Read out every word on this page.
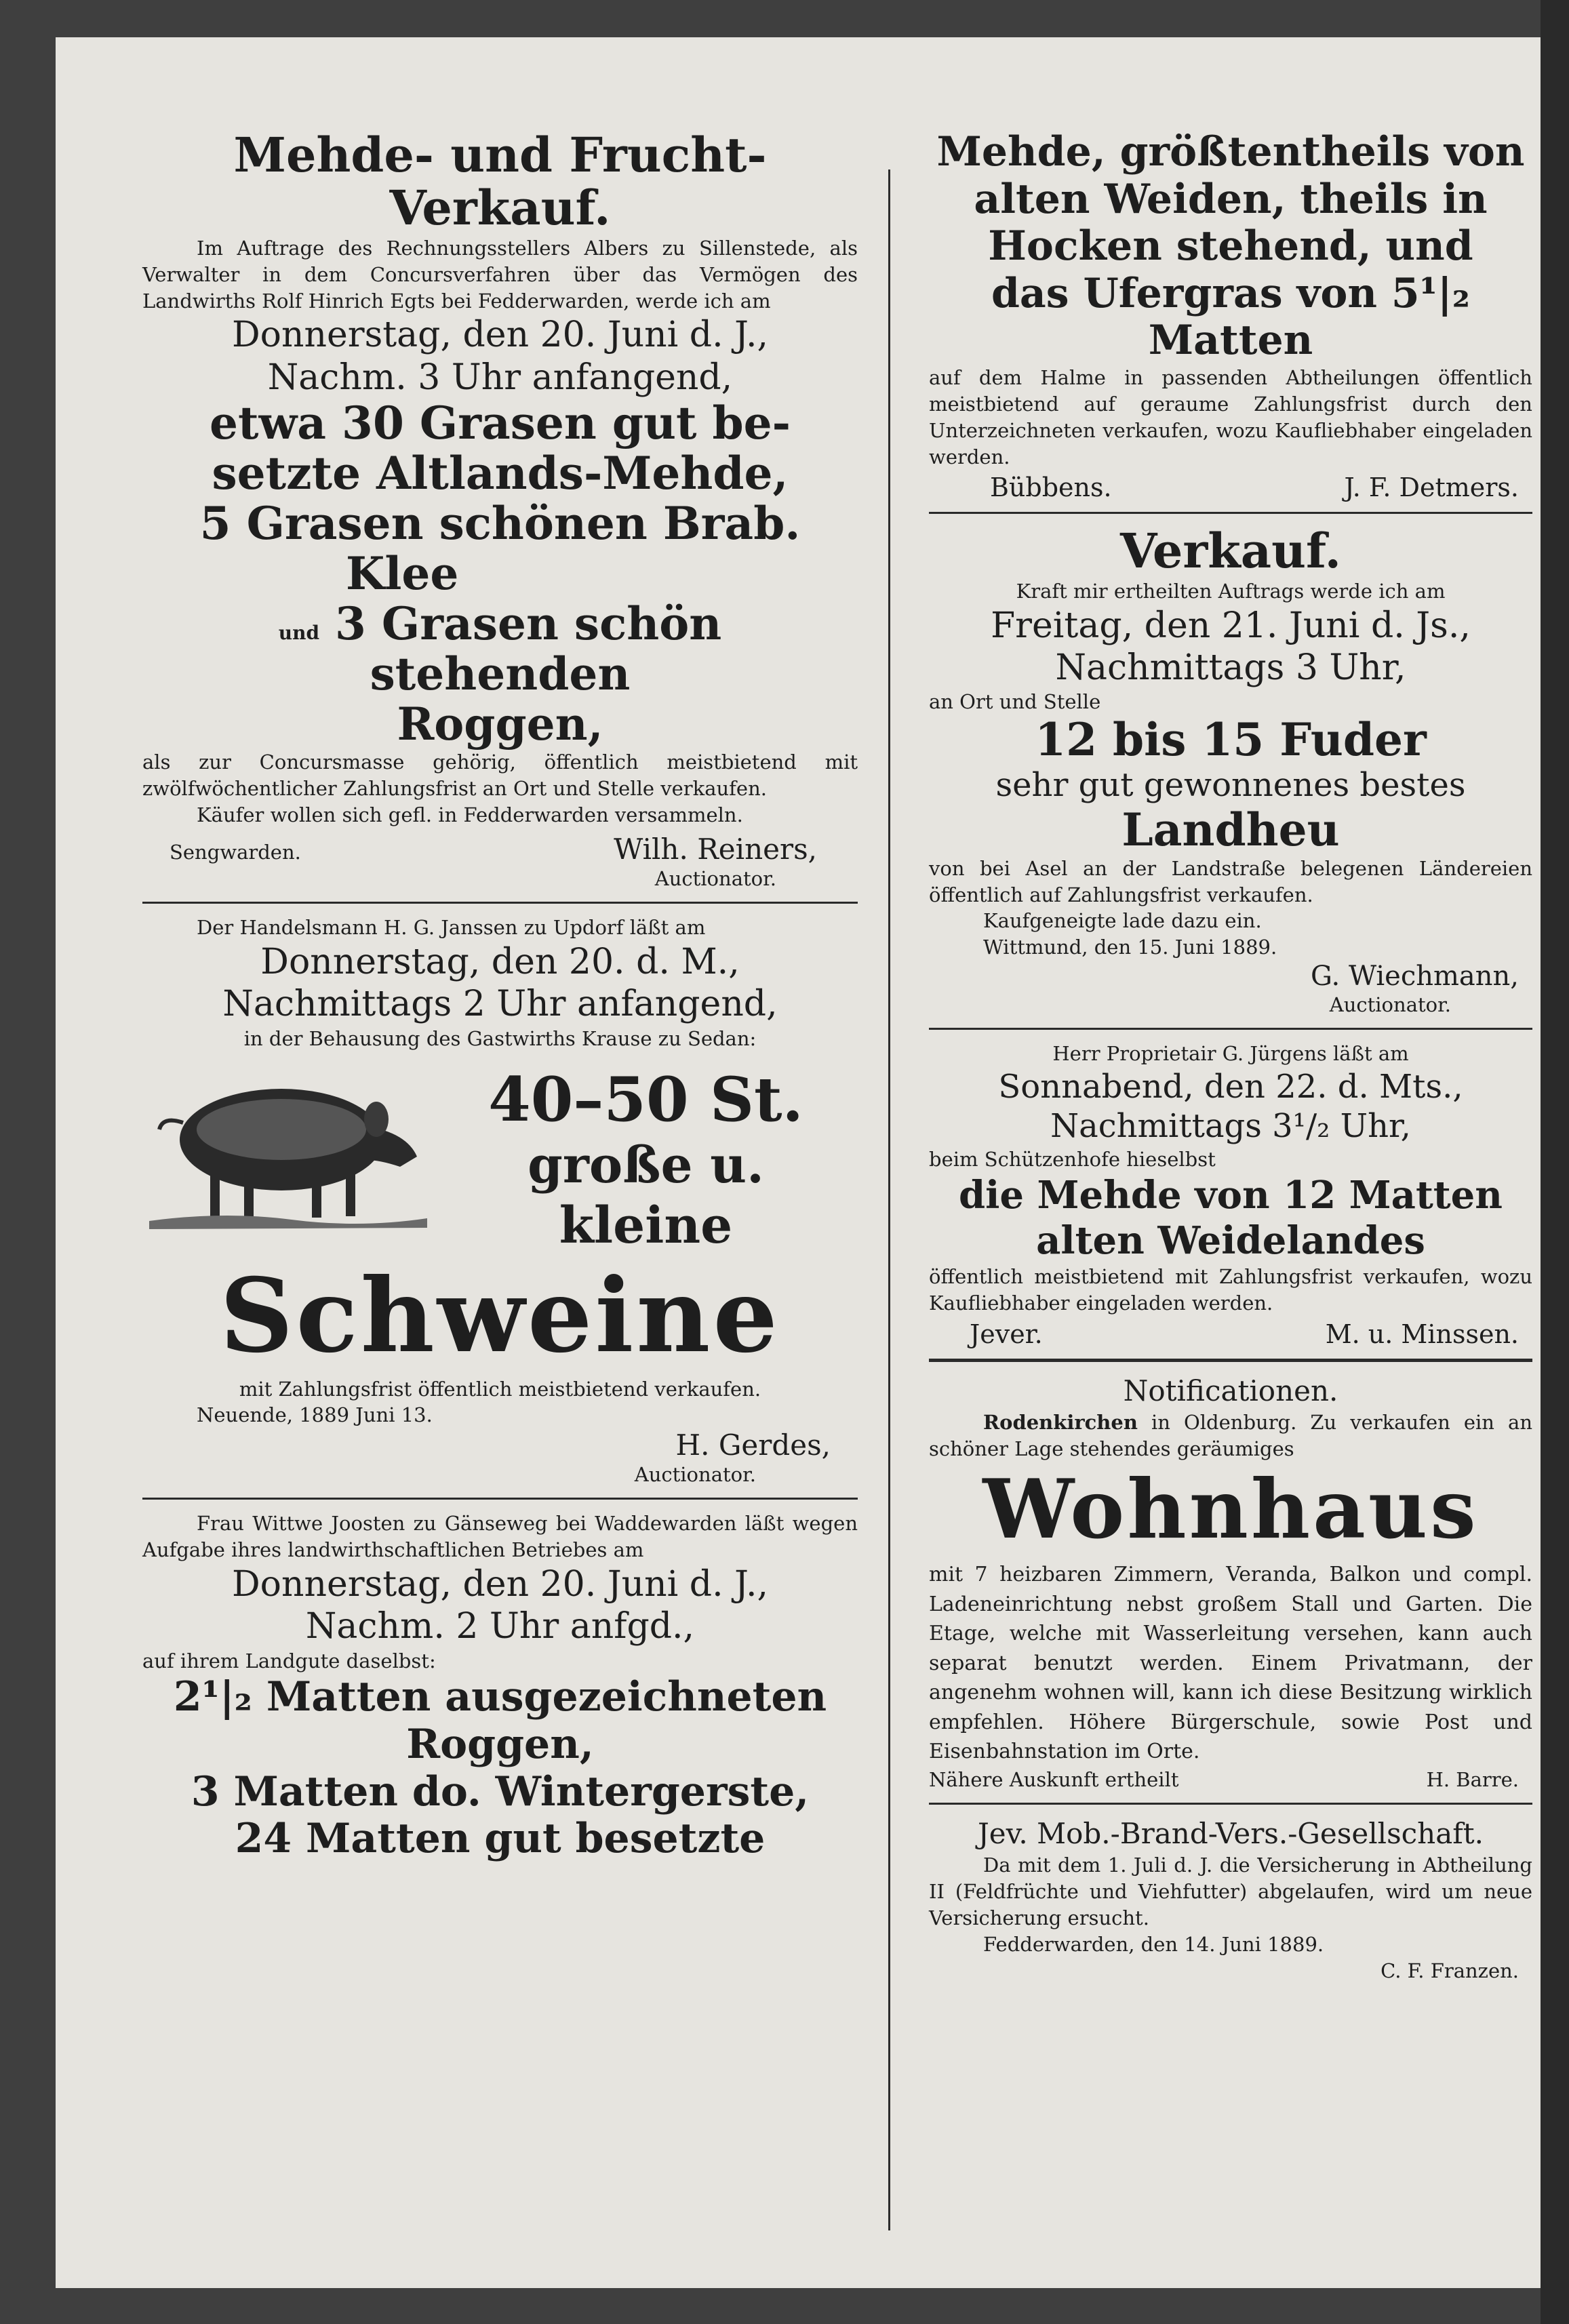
Mehde- und Frucht-

Verkauf.

Im Auftrage des Rechnungsstellers Albers zu Sillenstede, als Verwalter in dem Concursverfahren über das Vermögen des Landwirths Rolf Hinrich Egts bei Fedderwarden, werde ich am

Donnerstag, den 20. Juni d. J.,

Nachm. 3 Uhr anfangend,

etwa 30 Grasen gut be-

setzte Altlands-Mehde,

5 Grasen schönen Brab.

Klee

und 3 Grasen schön stehenden

Roggen,

als zur Concursmasse gehörig, öffentlich meistbietend mit zwölfwöchentlicher Zahlungsfrist an Ort und Stelle verkaufen.

Käufer wollen sich gefl. in Fedderwarden versammeln.

Sengwarden.	Wilh. Reiners,

Auctionator.

Der Handelsmann H. G. Janssen zu Updorf läßt am

Donnerstag, den 20. d. M.,

Nachmittags 2 Uhr anfangend,

in der Behausung des Gastwirths Krause zu Sedan:

40–50 St.

große u. kleine

Schweine

mit Zahlungsfrist öffentlich meistbietend verkaufen.

Neuende, 1889 Juni 13.

H. Gerdes,

Auctionator.

Frau Wittwe Joosten zu Gänseweg bei Waddewarden läßt wegen Aufgabe ihres landwirthschaftlichen Betriebes am

Donnerstag, den 20. Juni d. J.,

Nachm. 2 Uhr anfgd.,

auf ihrem Landgute daselbst:

2¹|₂ Matten ausgezeichneten

Roggen,

3 Matten do. Wintergerste,

24 Matten gut besetzte

Mehde, größtentheils von

alten Weiden, theils in

Hocken stehend, und

das Ufergras von 5¹|₂ Matten

auf dem Halme in passenden Abtheilungen öffentlich meistbietend auf geraume Zahlungsfrist durch den Unterzeichneten verkaufen, wozu Kaufliebhaber eingeladen werden.

Bübbens.	J. F. Detmers.

Verkauf.

Kraft mir ertheilten Auftrags werde ich am

Freitag, den 21. Juni d. Js.,

Nachmittags 3 Uhr,

an Ort und Stelle

12 bis 15 Fuder

sehr gut gewonnenes bestes

Landheu

von bei Asel an der Landstraße belegenen Ländereien öffentlich auf Zahlungsfrist verkaufen.

Kaufgeneigte lade dazu ein.

Wittmund, den 15. Juni 1889.

G. Wiechmann,

Auctionator.

Herr Proprietair G. Jürgens läßt am

Sonnabend, den 22. d. Mts.,

Nachmittags 3¹/₂ Uhr,

beim Schützenhofe hieselbst

die Mehde von 12 Matten

alten Weidelandes

öffentlich meistbietend mit Zahlungsfrist verkaufen, wozu Kaufliebhaber eingeladen werden.

Jever.	M. u. Minssen.

Notificationen.

Rodenkirchen in Oldenburg. Zu verkaufen ein an schöner Lage stehendes geräumiges

Wohnhaus

mit 7 heizbaren Zimmern, Veranda, Balkon und compl. Ladeneinrichtung nebst großem Stall und Garten. Die Etage, welche mit Wasserleitung versehen, kann auch separat benutzt werden. Einem Privatmann, der angenehm wohnen will, kann ich diese Besitzung wirklich empfehlen. Höhere Bürgerschule, sowie Post und Eisenbahnstation im Orte.

Nähere Auskunft ertheilt	H. Barre.

Jev. Mob.-Brand-Vers.-Gesellschaft.

Da mit dem 1. Juli d. J. die Versicherung in Abtheilung II (Feldfrüchte und Viehfutter) abgelaufen, wird um neue Versicherung ersucht.

Fedderwarden, den 14. Juni 1889.

C. F. Franzen.
